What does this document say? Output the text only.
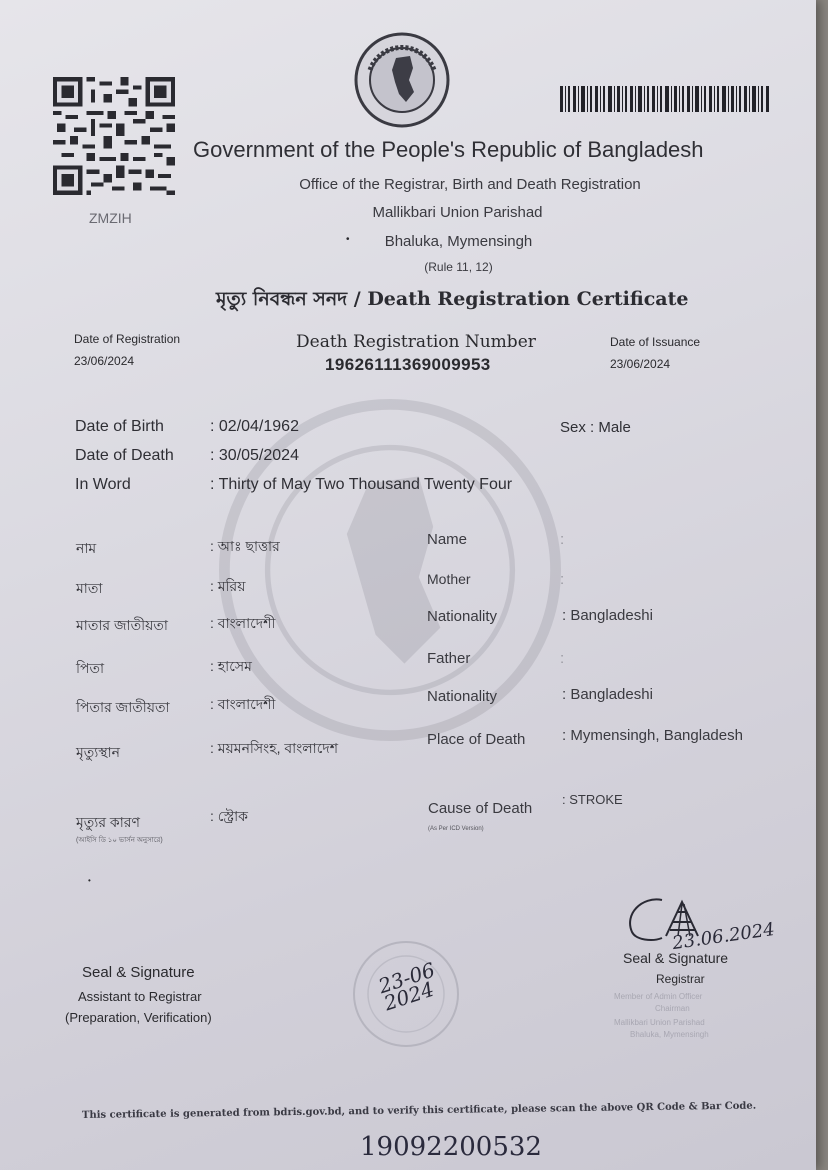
ZMZIH
Government of the People's Republic of Bangladesh
Office of the Registrar, Birth and Death Registration
Mallikbari Union Parishad
•	Bhaluka, Mymensingh
(Rule 11, 12)
মৃত্যু নিবন্ধন সনদ / Death Registration Certificate
Date of Registration
23/06/2024
Death Registration Number
19626111369009953
Date of Issuance
23/06/2024
Date of Birth	: 02/04/1962
Date of Death : 30/05/2024
In Word	: Thirty of May Two Thousand Twenty Four
Sex : Male
নাম	: আঃ ছাত্তার
মাতা	: মরিয়
মাতার জাতীয়তা	: বাংলাদেশী
পিতা	: হাসেম
পিতার জাতীয়তা	: বাংলাদেশী
মৃত্যুস্থান	: ময়মনসিংহ, বাংলাদেশ
মৃত্যুর কারণ
(আইসি ডি ১০ ভার্সন অনুসারে)
: স্ট্রোক
Name	:
Mother	:
Nationality	: Bangladeshi
Father	:
Nationality	: Bangladeshi
Place of Death : Mymensingh, Bangladesh
Cause of Death
(As Per ICD Version)
: STROKE
•
Seal & Signature
Assistant to Registrar
(Preparation, Verification)
23-06 2024
23.06.2024
Seal & Signature
Registrar
Member of Admin Officer
Chairman
Mallikbari Union Parishad
Bhaluka, Mymensingh
This certificate is generated from bdris.gov.bd, and to verify this certificate, please scan the above QR Code & Bar Code.
19092200532
